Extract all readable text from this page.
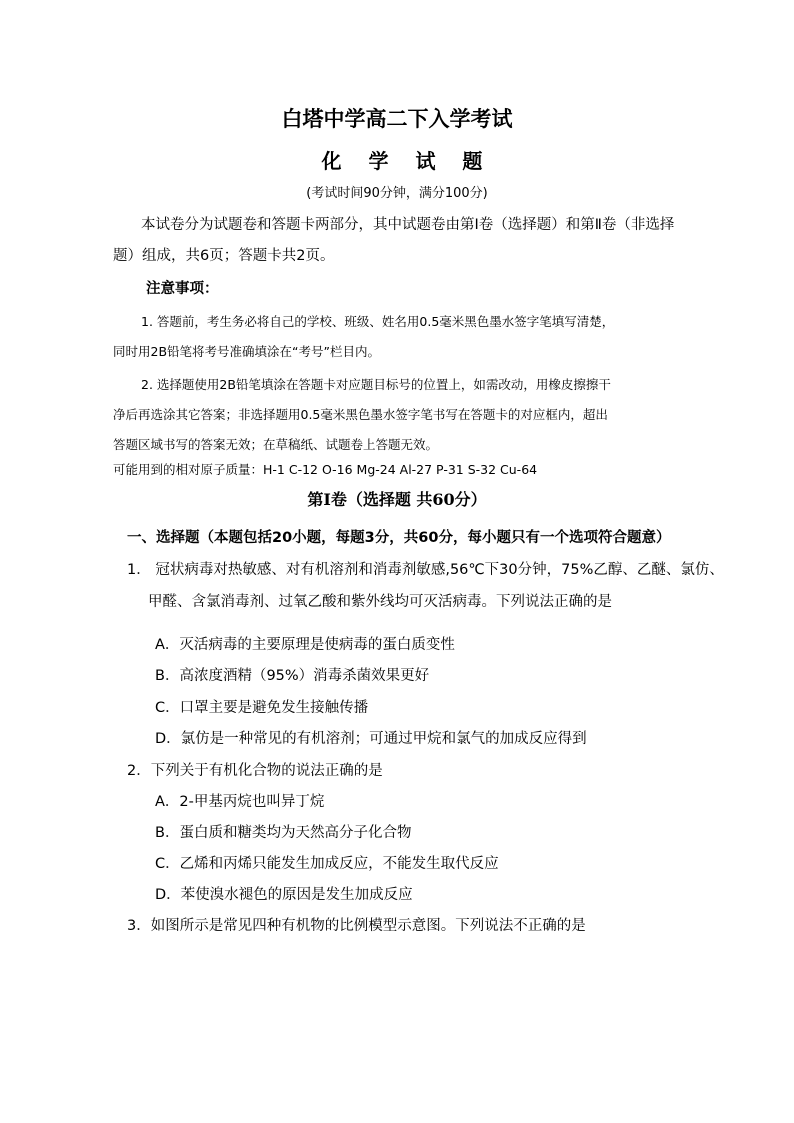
白塔中学高二下入学考试
化 学 试 题
(考试时间90分钟，满分100分)
本试卷分为试题卷和答题卡两部分，其中试题卷由第Ⅰ卷（选择题）和第Ⅱ卷（非选择
题）组成，共6页；答题卡共2页。
注意事项：
1. 答题前，考生务必将自己的学校、班级、姓名用0.5毫米黑色墨水签字笔填写清楚，
同时用2B铅笔将考号准确填涂在“考号”栏目内。
2. 选择题使用2B铅笔填涂在答题卡对应题目标号的位置上，如需改动，用橡皮擦擦干
净后再选涂其它答案；非选择题用0.5毫米黑色墨水签字笔书写在答题卡的对应框内，超出
答题区域书写的答案无效；在草稿纸、试题卷上答题无效。
可能用到的相对原子质量：H-1 C-12 O-16 Mg-24 Al-27 P-31 S-32 Cu-64
第Ⅰ卷（选择题 共60分）
一、选择题（本题包括20小题，每题3分，共60分，每小题只有一个选项符合题意）
1． 冠状病毒对热敏感、对有机溶剂和消毒剂敏感,56℃下30分钟，75%乙醇、乙醚、氯仿、
甲醛、含氯消毒剂、过氧乙酸和紫外线均可灭活病毒。下列说法正确的是
A．灭活病毒的主要原理是使病毒的蛋白质变性
B．高浓度酒精（95%）消毒杀菌效果更好
C．口罩主要是避免发生接触传播
D．氯仿是一种常见的有机溶剂；可通过甲烷和氯气的加成反应得到
2．下列关于有机化合物的说法正确的是
A．2-甲基丙烷也叫异丁烷
B．蛋白质和糖类均为天然高分子化合物
C．乙烯和丙烯只能发生加成反应，不能发生取代反应
D．苯使溴水褪色的原因是发生加成反应
3．如图所示是常见四种有机物的比例模型示意图。下列说法不正确的是
